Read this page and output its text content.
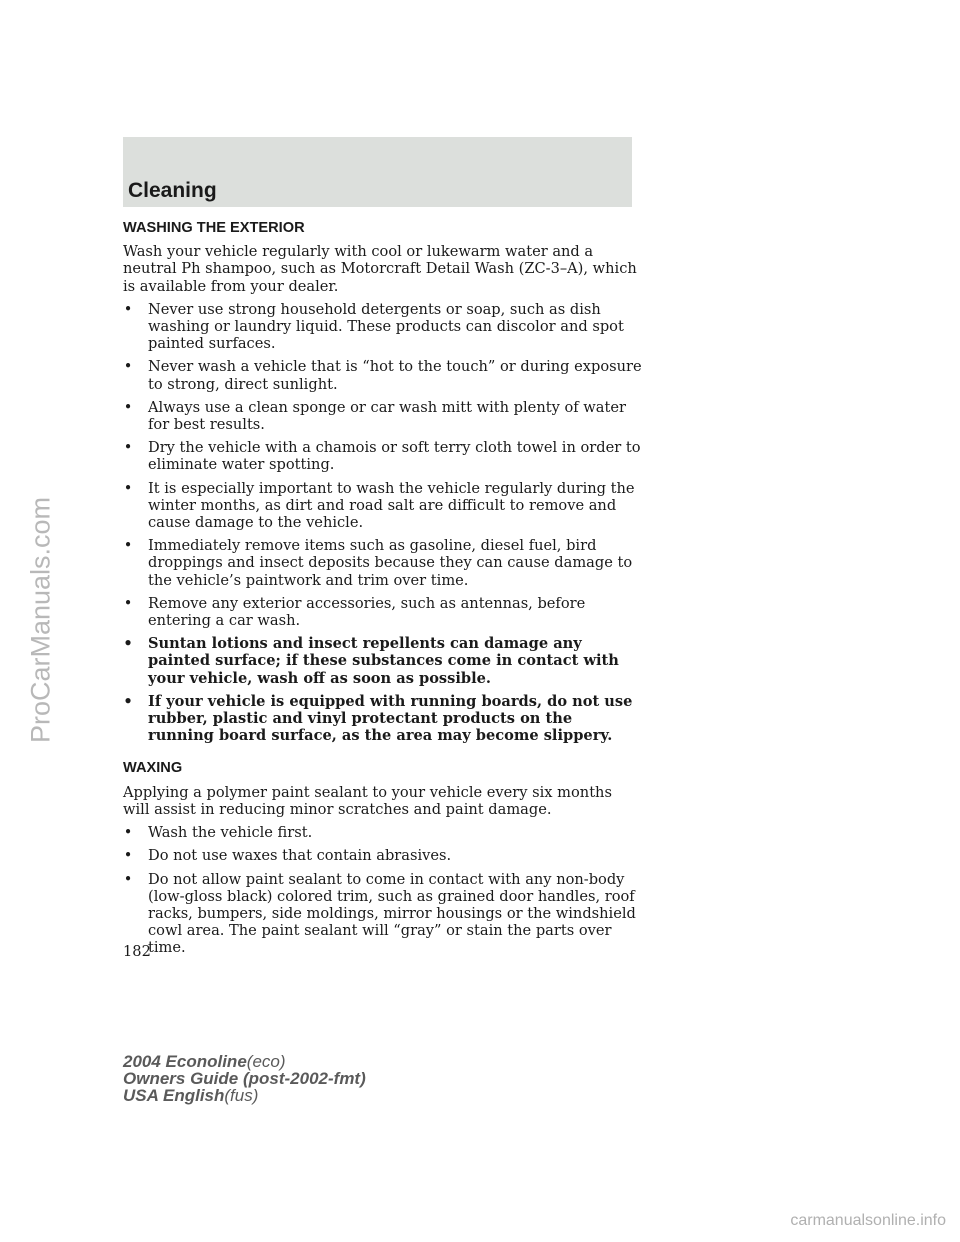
Cleaning
WASHING THE EXTERIOR

Wash your vehicle regularly with cool or lukewarm water and a neutral Ph shampoo, such as Motorcraft Detail Wash (ZC-3–A), which is available from your dealer.

• Never use strong household detergents or soap, such as dish washing or laundry liquid. These products can discolor and spot painted surfaces.
• Never wash a vehicle that is “hot to the touch” or during exposure to strong, direct sunlight.
• Always use a clean sponge or car wash mitt with plenty of water for best results.
• Dry the vehicle with a chamois or soft terry cloth towel in order to eliminate water spotting.
• It is especially important to wash the vehicle regularly during the winter months, as dirt and road salt are difficult to remove and cause damage to the vehicle.
• Immediately remove items such as gasoline, diesel fuel, bird droppings and insect deposits because they can cause damage to the vehicle’s paintwork and trim over time.
• Remove any exterior accessories, such as antennas, before entering a car wash.
• Suntan lotions and insect repellents can damage any painted surface; if these substances come in contact with your vehicle, wash off as soon as possible.
• If your vehicle is equipped with running boards, do not use rubber, plastic and vinyl protectant products on the running board surface, as the area may become slippery.
WAXING

Applying a polymer paint sealant to your vehicle every six months will assist in reducing minor scratches and paint damage.

• Wash the vehicle first.
• Do not use waxes that contain abrasives.
• Do not allow paint sealant to come in contact with any non-body (low-gloss black) colored trim, such as grained door handles, roof racks, bumpers, side moldings, mirror housings or the windshield cowl area. The paint sealant will “gray” or stain the parts over time.
182
2004 Econoline(eco)
Owners Guide (post-2002-fmt)
USA English(fus)
ProCarManuals.com
carmanualsonline.info
